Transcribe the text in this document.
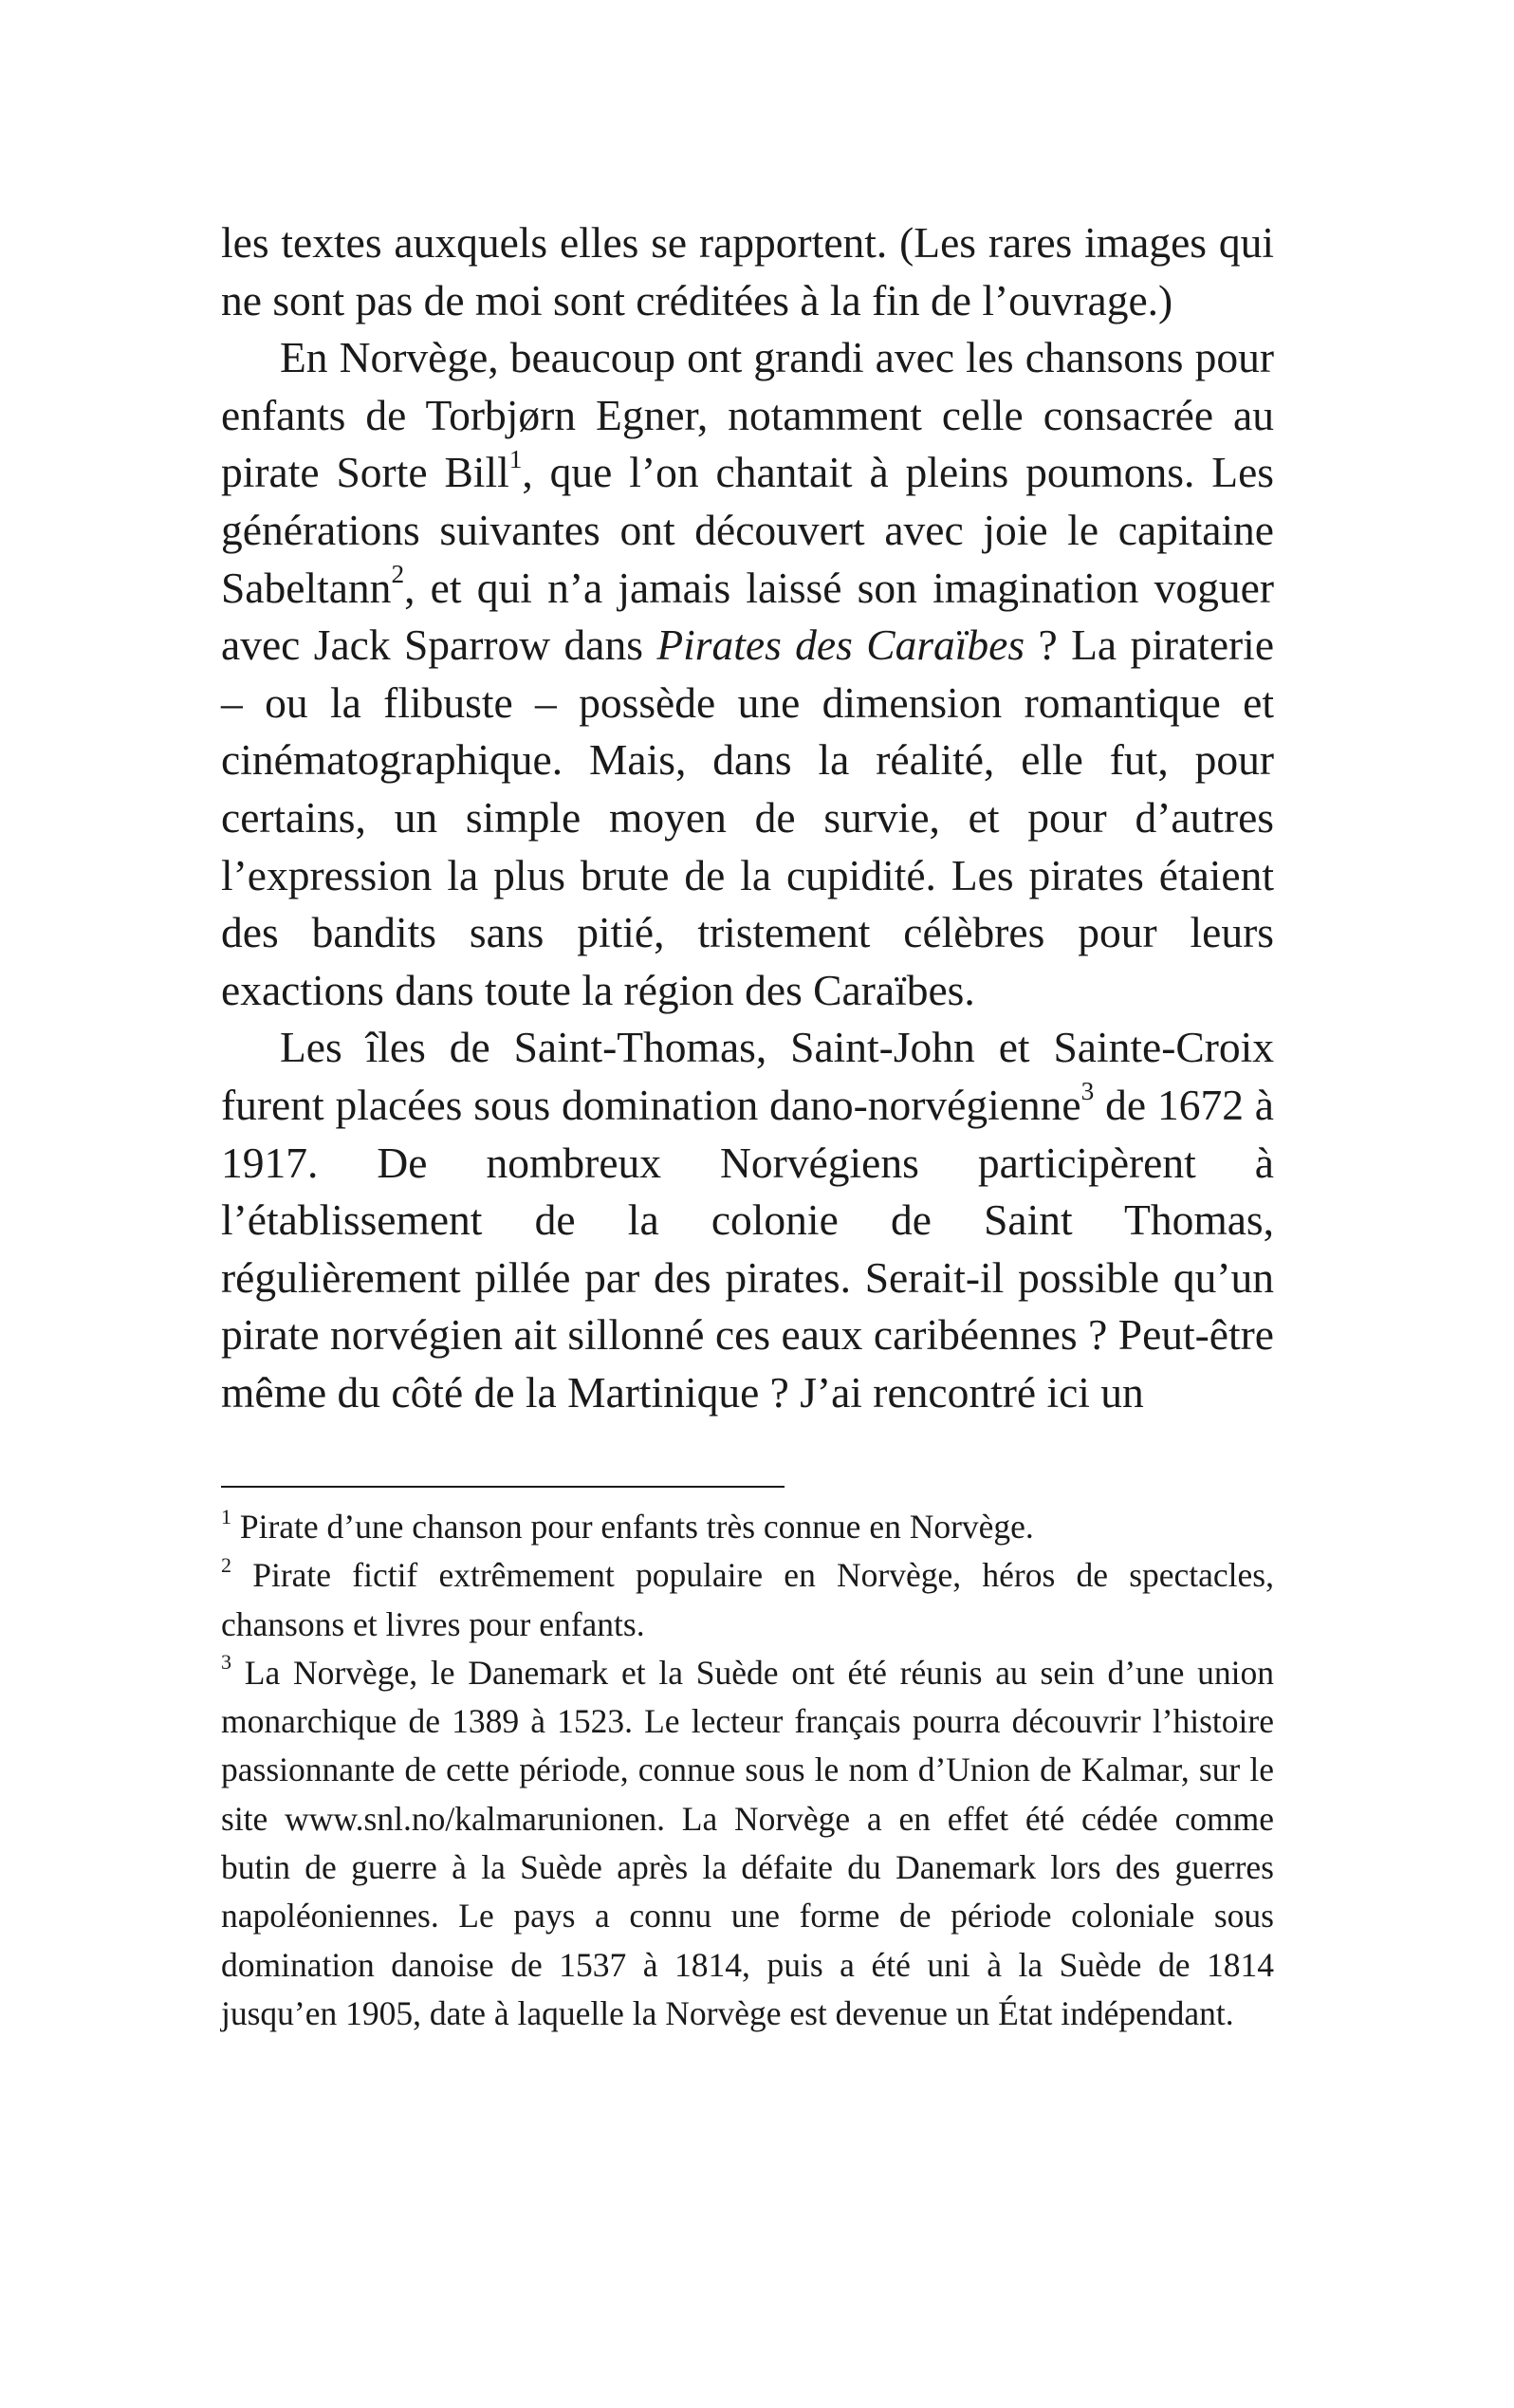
les textes auxquels elles se rapportent. (Les rares images qui ne sont pas de moi sont créditées à la fin de l’ouvrage.)

En Norvège, beaucoup ont grandi avec les chansons pour enfants de Torbjørn Egner, notamment celle consacrée au pirate Sorte Bill$^1$, que l’on chantait à pleins poumons. Les générations suivantes ont découvert avec joie le capitaine Sabeltann$^2$, et qui n’a jamais laissé son imagination voguer avec Jack Sparrow dans Pirates des Caraïbes ? La piraterie – ou la flibuste – possède une dimension romantique et cinématographique. Mais, dans la réalité, elle fut, pour certains, un simple moyen de survie, et pour d’autres l’expression la plus brute de la cupidité. Les pirates étaient des bandits sans pitié, tristement célèbres pour leurs exactions dans toute la région des Caraïbes.

Les îles de Saint-Thomas, Saint-John et Sainte-Croix furent placées sous domination dano-norvégienne$^3$ de 1672 à 1917. De nombreux Norvégiens participèrent à l’établissement de la colonie de Saint Thomas, régulièrement pillée par des pirates. Serait-il possible qu’un pirate norvégien ait sillonné ces eaux caribéennes ? Peut-être même du côté de la Martinique ? J’ai rencontré ici un

$^1$ Pirate d’une chanson pour enfants très connue en Norvège.

$^2$ Pirate fictif extrêmement populaire en Norvège, héros de spectacles, chansons et livres pour enfants.

$^3$ La Norvège, le Danemark et la Suède ont été réunis au sein d’une union monarchique de 1389 à 1523. Le lecteur français pourra découvrir l’histoire passionnante de cette période, connue sous le nom d’Union de Kalmar, sur le site www.snl.no/kalmarunionen. La Norvège a en effet été cédée comme butin de guerre à la Suède après la défaite du Danemark lors des guerres napoléoniennes. Le pays a connu une forme de période coloniale sous domination danoise de 1537 à 1814, puis a été uni à la Suède de 1814 jusqu’en 1905, date à laquelle la Norvège est devenue un État indépendant.
